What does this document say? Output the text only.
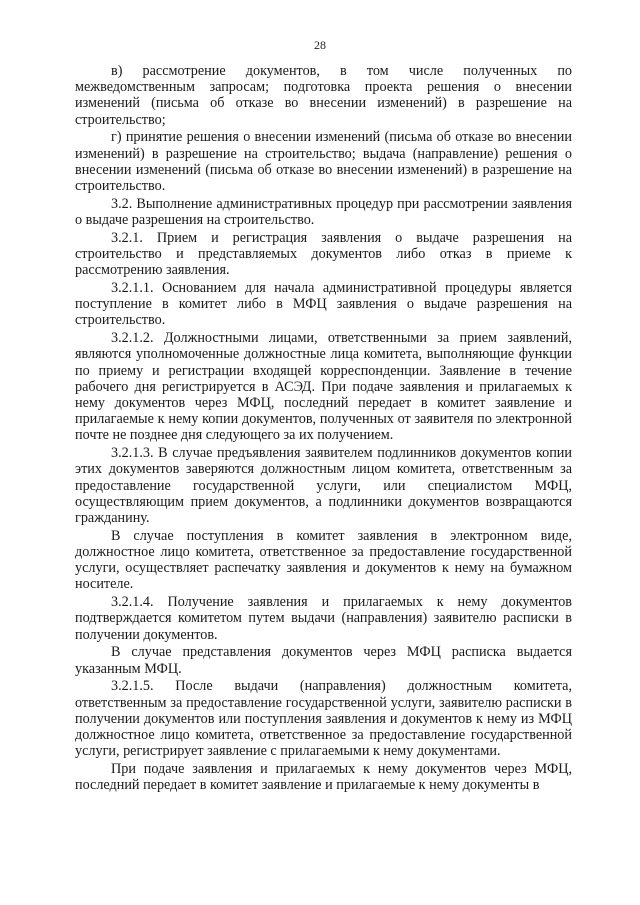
28

в) рассмотрение документов, в том числе полученных по межведомственным запросам; подготовка проекта решения о внесении изменений (письма об отказе во внесении изменений) в разрешение на строительство;

г) принятие решения о внесении изменений (письма об отказе во внесении изменений) в разрешение на строительство; выдача (направление) решения о внесении изменений (письма об отказе во внесении изменений) в разрешение на строительство.

3.2. Выполнение административных процедур при рассмотрении заявления о выдаче разрешения на строительство.

3.2.1. Прием и регистрация заявления о выдаче разрешения на строительство и представляемых документов либо отказ в приеме к рассмотрению заявления.

3.2.1.1. Основанием для начала административной процедуры является поступление в комитет либо в МФЦ заявления о выдаче разрешения на строительство.

3.2.1.2. Должностными лицами, ответственными за прием заявлений, являются уполномоченные должностные лица комитета, выполняющие функции по приему и регистрации входящей корреспонденции. Заявление в течение рабочего дня регистрируется в АСЭД. При подаче заявления и прилагаемых к нему документов через МФЦ, последний передает в комитет заявление и прилагаемые к нему копии документов, полученных от заявителя по электронной почте не позднее дня следующего за их получением.

3.2.1.3. В случае предъявления заявителем подлинников документов копии этих документов заверяются должностным лицом комитета, ответственным за предоставление государственной услуги, или специалистом МФЦ, осуществляющим прием документов, а подлинники документов возвращаются гражданину.

В случае поступления в комитет заявления в электронном виде, должностное лицо комитета, ответственное за предоставление государственной услуги, осуществляет распечатку заявления и документов к нему на бумажном носителе.

3.2.1.4. Получение заявления и прилагаемых к нему документов подтверждается комитетом путем выдачи (направления) заявителю расписки в получении документов.

В случае представления документов через МФЦ расписка выдается указанным МФЦ.

3.2.1.5. После выдачи (направления) должностным комитета, ответственным за предоставление государственной услуги, заявителю расписки в получении документов или поступления заявления и документов к нему из МФЦ должностное лицо комитета, ответственное за предоставление государственной услуги, регистрирует заявление с прилагаемыми к нему документами.

При подаче заявления и прилагаемых к нему документов через МФЦ, последний передает в комитет заявление и прилагаемые к нему документы в
